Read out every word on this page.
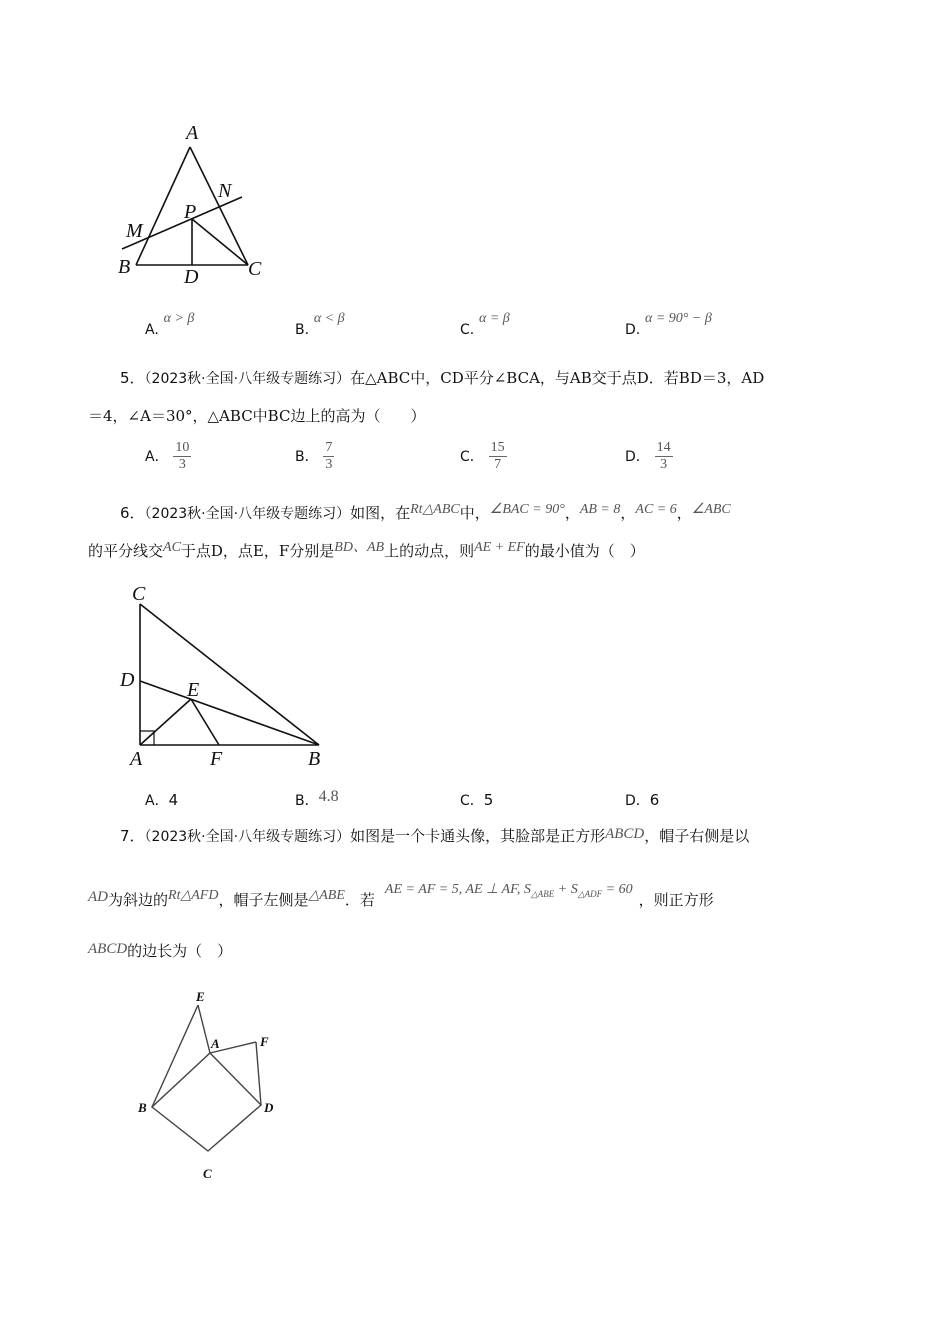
A
N
P
M
B	D C
A. α > β
B. α < β
C. α = β
D. α = 90° − β
5．（2023秋·全国·八年级专题练习）在△ABC中，CD平分∠BCA，与AB交于点D．若BD＝3，AD
＝4，∠A＝30°，△ABC中BC边上的高为（　　）
A． $\frac{10}{3}$	B． $\frac{7}{3}$	C． $\frac{15}{7}$	D． $\frac{14}{3}$
6．（2023秋·全国·八年级专题练习）如图，在Rt△ABC中，∠BAC = 90°，AB = 8，AC = 6，∠ABC
的平分线交AC于点D，点E，F分别是BD、AB上的动点，则AE + EF的最小值为（　）
C
D	E
A	F	B
A．4	B．4.8	C．5	D．6
7．（2023秋·全国·八年级专题练习）如图是一个卡通头像，其脸部是正方形ABCD，帽子右侧是以
AD为斜边的Rt△AFD，帽子左侧是△ABE．若AE = AF = 5, AE ⊥ AF, $S_{\triangle ABE} + S_{\triangle ADF} = 60$，则正方形
ABCD的边长为（　）
E
A	F
B	D
C
